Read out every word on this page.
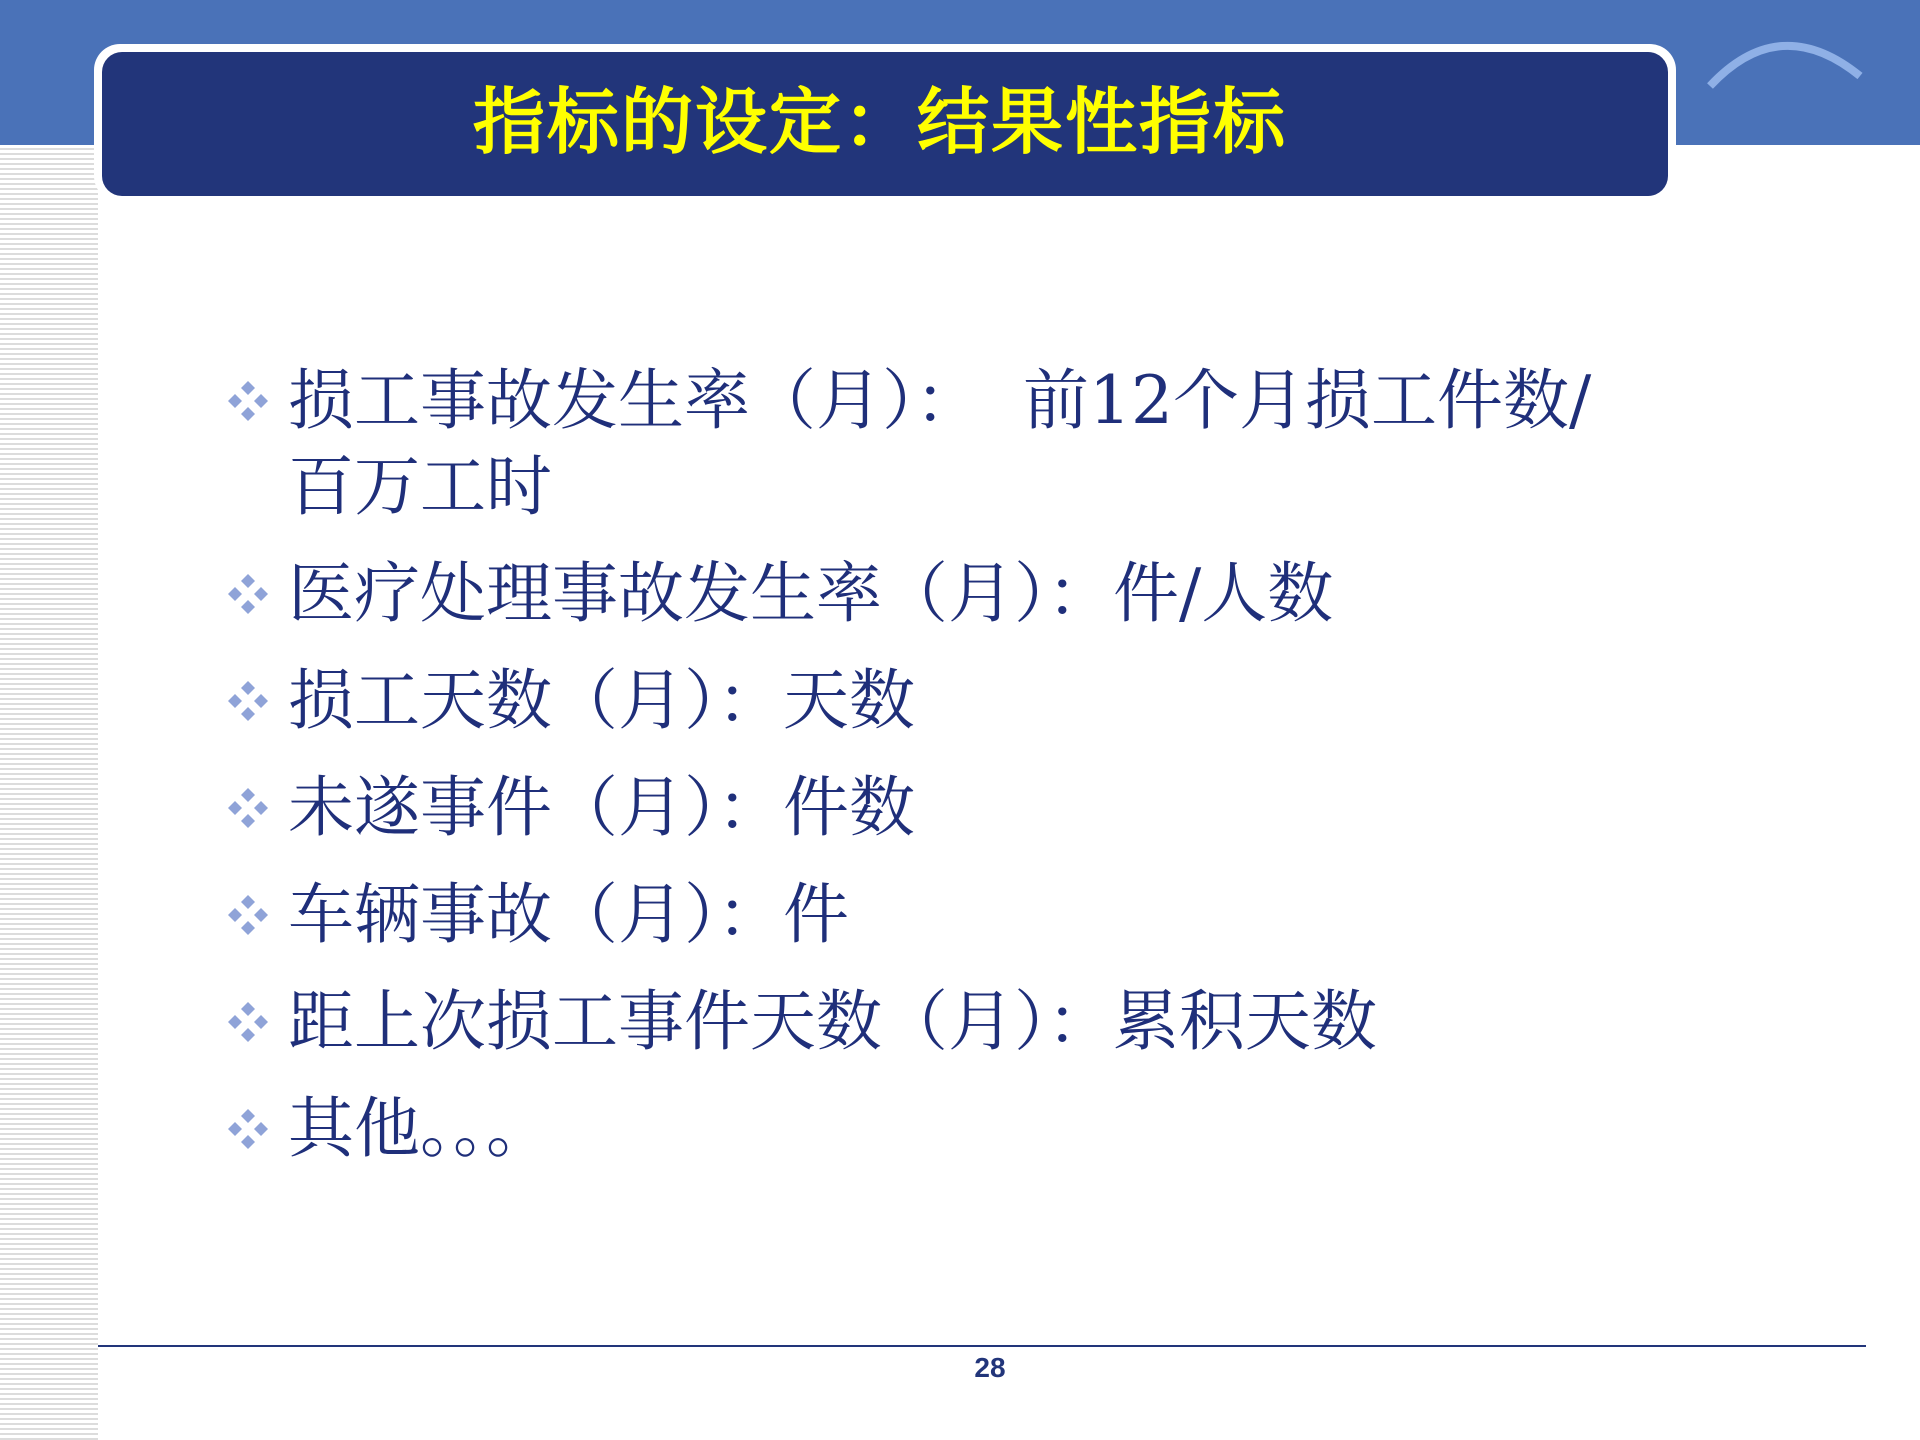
指标的设定：结果性指标
损工事故发生率（月）：  前12个月损工件数/
百万工时
医疗处理事故发生率（月）：件/人数
损工天数（月）：天数
未遂事件（月）：件数
车辆事故（月）：件
距上次损工事件天数（月）：累积天数
其他。。。
28
